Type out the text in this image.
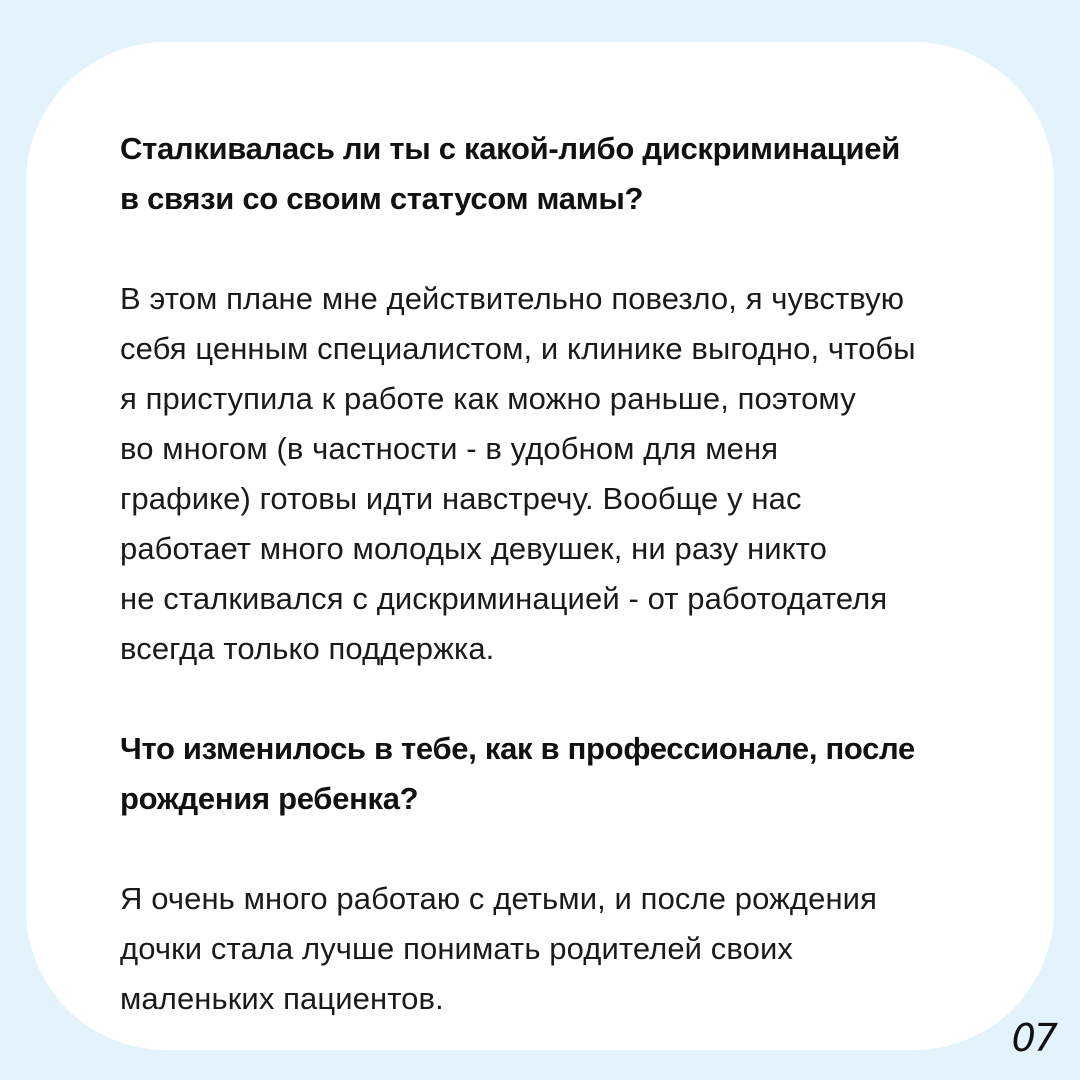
Сталкивалась ли ты с какой-либо дискриминацией
в связи со своим статусом мамы?

В этом плане мне действительно повезло, я чувствую
себя ценным специалистом, и клинике выгодно, чтобы
я приступила к работе как можно раньше, поэтому
во многом (в частности - в удобном для меня
графике) готовы идти навстречу. Вообще у нас
работает много молодых девушек, ни разу никто
не сталкивался с дискриминацией - от работодателя
всегда только поддержка.

Что изменилось в тебе, как в профессионале, после
рождения ребенка?

Я очень много работаю с детьми, и после рождения
дочки стала лучше понимать родителей своих
маленьких пациентов.

07
